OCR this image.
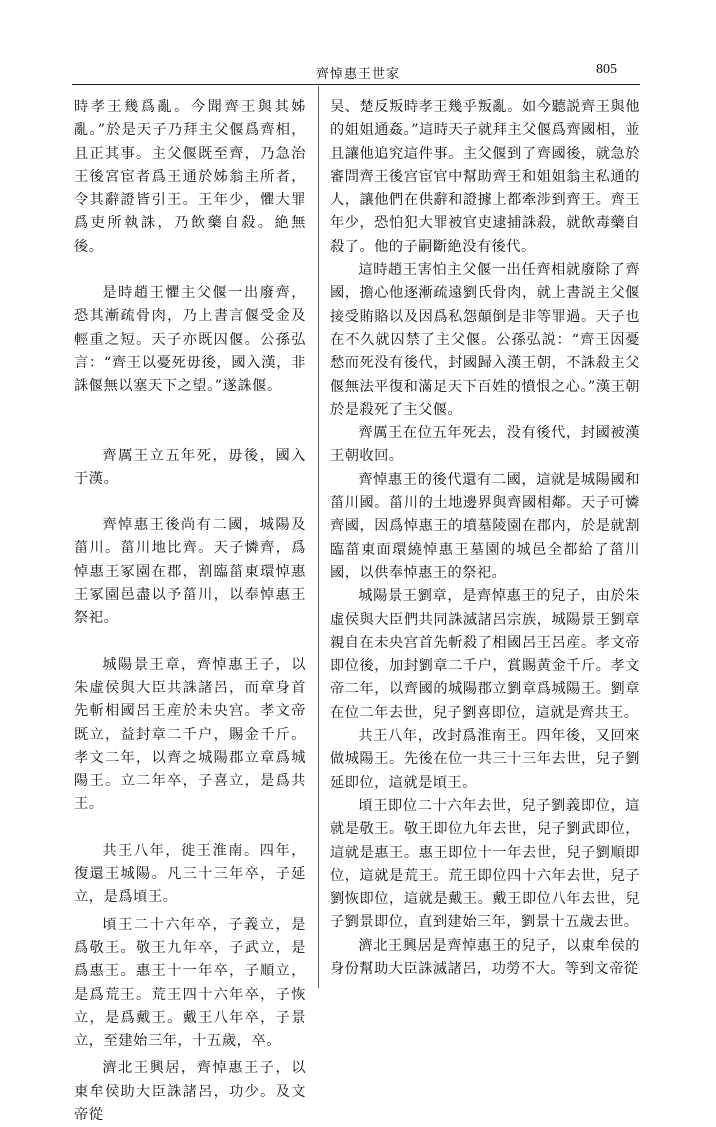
齊悼惠王世家	805

時孝王幾爲亂。今聞齊王與其姊亂。”於是天子乃拜主父偃爲齊相，且正其事。主父偃既至齊，乃急治王後宮宦者爲王通於姊翁主所者，令其辭證皆引王。王年少，懼大罪爲吏所執誅，乃飲藥自殺。絶無後。

是時趙王懼主父偃一出廢齊，恐其漸疏骨肉，乃上書言偃受金及輕重之短。天子亦既囚偃。公孫弘言：“齊王以憂死毋後，國入漢，非誅偃無以塞天下之望。”遂誅偃。

齊厲王立五年死，毋後，國入于漢。

齊悼惠王後尚有二國，城陽及菑川。菑川地比齊。天子憐齊，爲悼惠王冢園在郡，割臨菑東環悼惠王冢園邑盡以予菑川，以奉悼惠王祭祀。

城陽景王章，齊悼惠王子，以朱虛侯與大臣共誅諸呂，而章身首先斬相國呂王産於未央宫。孝文帝既立，益封章二千户，賜金千斤。孝文二年，以齊之城陽郡立章爲城陽王。立二年卒，子喜立，是爲共王。

共王八年，徙王淮南。四年，復還王城陽。凡三十三年卒，子延立，是爲頃王。

頃王二十六年卒，子義立，是爲敬王。敬王九年卒，子武立，是爲惠王。惠王十一年卒，子順立，是爲荒王。荒王四十六年卒，子恢立，是爲戴王。戴王八年卒，子景立，至建始三年，十五歲，卒。

濟北王興居，齊悼惠王子，以東牟侯助大臣誅諸呂，功少。及文帝從

吴、楚反叛時孝王幾乎叛亂。如今聽説齊王與他的姐姐通姦。”這時天子就拜主父偃爲齊國相，並且讓他追究這件事。主父偃到了齊國後，就急於審問齊王後宫宦官中幫助齊王和姐姐翁主私通的人，讓他們在供辭和證據上都牽涉到齊王。齊王年少，恐怕犯大罪被官吏逮捕誅殺，就飲毒藥自殺了。他的子嗣斷絶没有後代。

這時趙王害怕主父偃一出任齊相就廢除了齊國，擔心他逐漸疏遠劉氏骨肉，就上書説主父偃接受賄賂以及因爲私怨顛倒是非等罪過。天子也在不久就囚禁了主父偃。公孫弘説：“齊王因憂愁而死没有後代，封國歸入漢王朝，不誅殺主父偃無法平復和滿足天下百姓的憤恨之心。”漢王朝於是殺死了主父偃。

齊厲王在位五年死去，没有後代，封國被漢王朝收回。

齊悼惠王的後代還有二國，這就是城陽國和菑川國。菑川的土地邊界與齊國相鄰。天子可憐齊國，因爲悼惠王的墳墓陵園在郡内，於是就割臨菑東面環繞悼惠王墓園的城邑全都給了菑川國，以供奉悼惠王的祭祀。

城陽景王劉章，是齊悼惠王的兒子，由於朱虛侯與大臣們共同誅滅諸呂宗族，城陽景王劉章親自在未央宫首先斬殺了相國呂王呂産。孝文帝即位後，加封劉章二千户，賞賜黄金千斤。孝文帝二年，以齊國的城陽郡立劉章爲城陽王。劉章在位二年去世，兒子劉喜即位，這就是齊共王。

共王八年，改封爲淮南王。四年後，又回來做城陽王。先後在位一共三十三年去世，兒子劉延即位，這就是頃王。

頃王即位二十六年去世，兒子劉義即位，這就是敬王。敬王即位九年去世，兒子劉武即位，這就是惠王。惠王即位十一年去世，兒子劉順即位，這就是荒王。荒王即位四十六年去世，兒子劉恢即位，這就是戴王。戴王即位八年去世，兒子劉景即位，直到建始三年，劉景十五歲去世。

濟北王興居是齊悼惠王的兒子，以東牟侯的身份幫助大臣誅滅諸呂，功勞不大。等到文帝從
